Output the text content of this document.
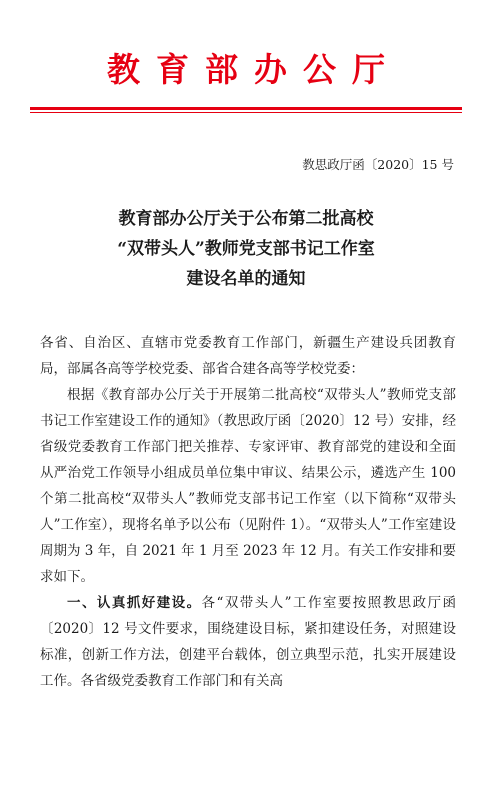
教育部办公厅
教思政厅函〔2020〕15 号
教育部办公厅关于公布第二批高校
“双带头人”教师党支部书记工作室
建设名单的通知

各省、自治区、直辖市党委教育工作部门，新疆生产建设兵团教育局，部属各高等学校党委、部省合建各高等学校党委：

根据《教育部办公厅关于开展第二批高校“双带头人”教师党支部书记工作室建设工作的通知》（教思政厅函〔2020〕12 号）安排，经省级党委教育工作部门把关推荐、专家评审、教育部党的建设和全面从严治党工作领导小组成员单位集中审议、结果公示，遴选产生 100 个第二批高校“双带头人”教师党支部书记工作室（以下简称“双带头人”工作室），现将名单予以公布（见附件 1）。“双带头人”工作室建设周期为 3 年，自 2021 年 1 月至 2023 年 12 月。有关工作安排和要求如下。

一、认真抓好建设。各“双带头人”工作室要按照教思政厅函〔2020〕12 号文件要求，围绕建设目标，紧扣建设任务，对照建设标准，创新工作方法，创建平台载体，创立典型示范，扎实开展建设工作。各省级党委教育工作部门和有关高
